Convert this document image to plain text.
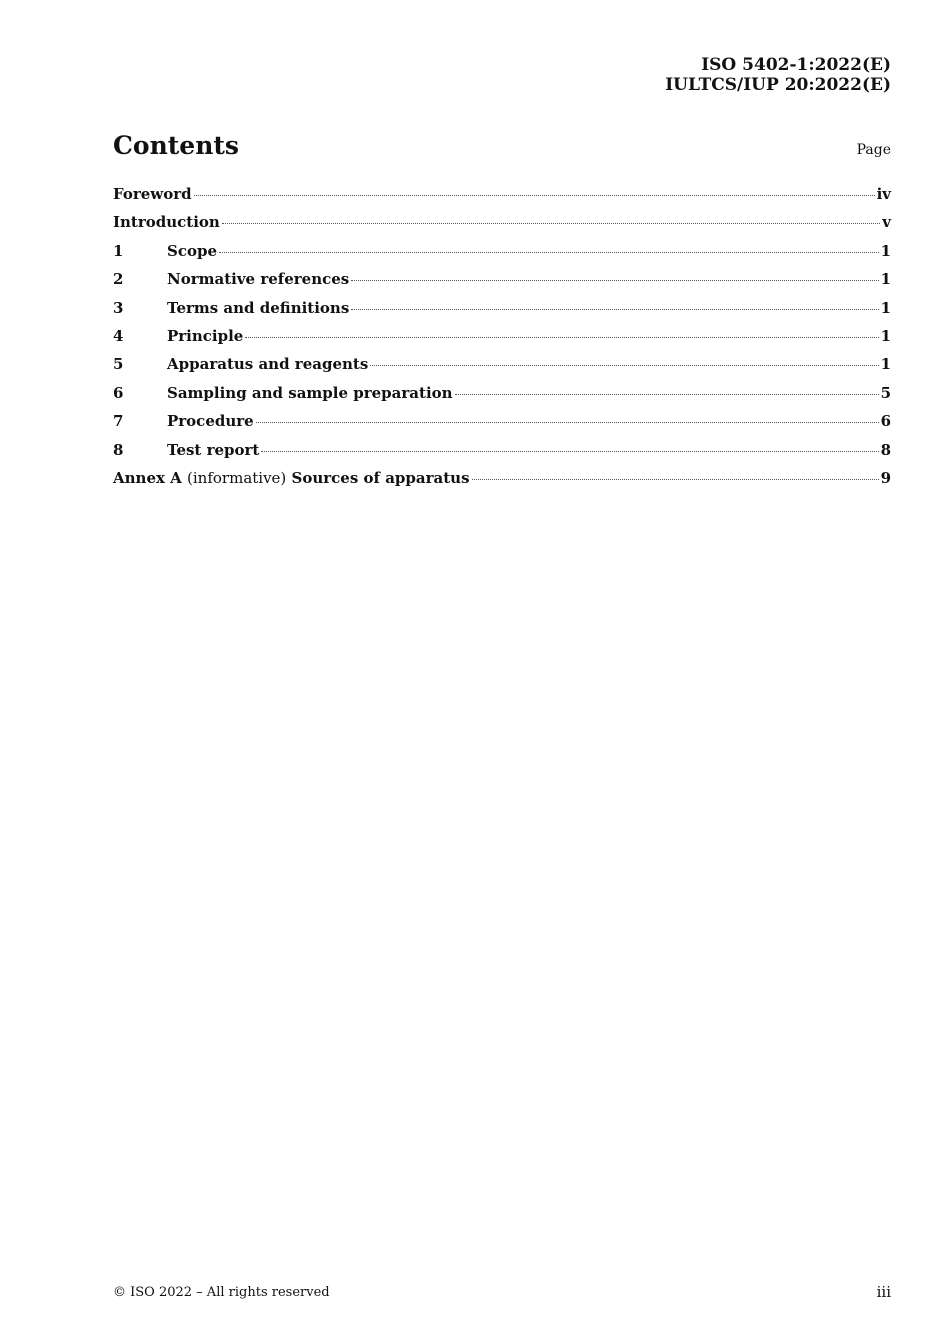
ISO 5402-1:2022(E)
IULTCS/IUP 20:2022(E)
Contents	Page
Foreword	iv
Introduction	v
1	Scope	1
2	Normative references	1
3	Terms and definitions	1
4	Principle	1
5	Apparatus and reagents	1
6	Sampling and sample preparation	5
7	Procedure	6
8	Test report	8
Annex A (informative) Sources of apparatus	9
© ISO 2022 – All rights reserved	iii
